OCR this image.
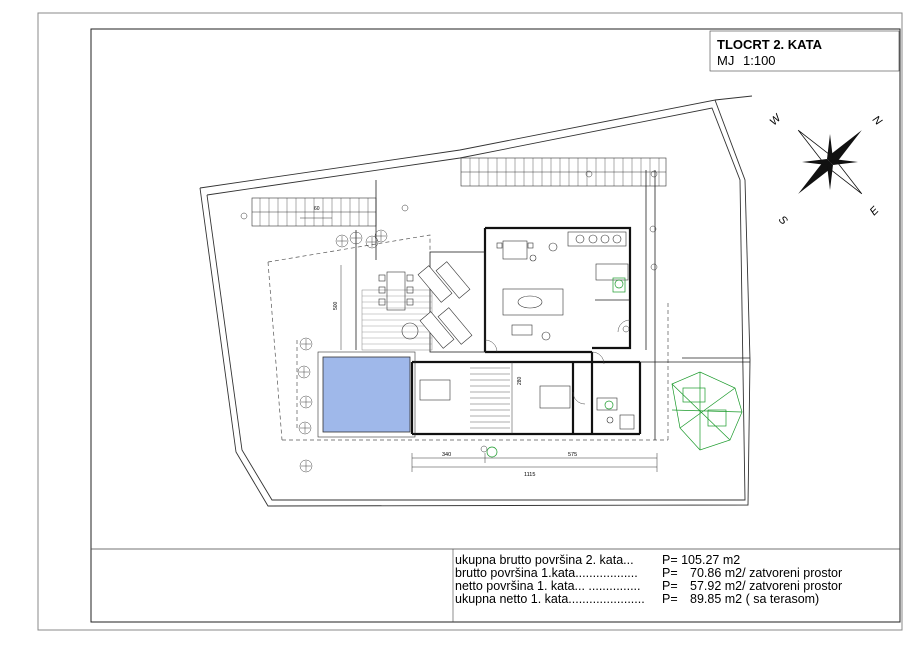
N
E
S
W
340	575
1115
500
280
60
TLOCRT 2. KATA
MJ 1:100
ukupna brutto površina 2. kata... P= 105.27 m2
brutto površina 1.kata.................. P= 70.86 m2/ zatvoreni prostor
netto površina 1. kata... ............... P= 57.92 m2/ zatvoreni prostor
ukupna netto 1. kata...................... P= 89.85 m2 ( sa terasom)
